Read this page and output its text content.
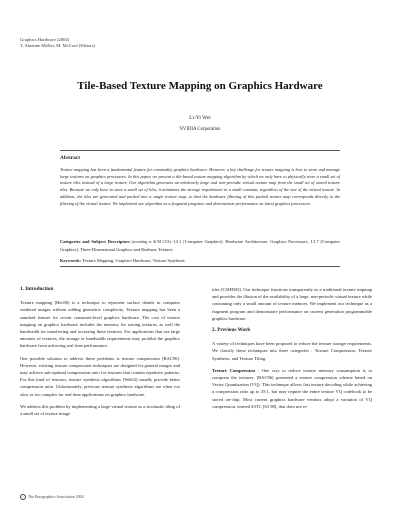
Graphics Hardware (2004)
T. Akenine-Möller, M. McCool (Editors)
Tile-Based Texture Mapping on Graphics Hardware
Li-Yi Wei
NVIDIA Corporation
Abstract
Texture mapping has been a fundamental feature for commodity graphics hardware. However, a key challenge for texture mapping is how to store and manage large textures on graphics processors. In this paper, we present a tile-based texture mapping algorithm by which we only have to physically store a small set of texture tiles instead of a large texture. Our algorithm generates an arbitrarily large and non-periodic virtual texture map from the small set of stored texture tiles. Because we only have to store a small set of tiles, it minimizes the storage requirement to a small constant, regardless of the size of the virtual texture. In addition, the tiles are generated and packed into a single texture map, so that the hardware filtering of this packed texture map corresponds directly to the filtering of the virtual texture. We implement our algorithm as a fragment program, and demonstrate performance on latest graphics processors.
Categories and Subject Descriptors (according to ACM CCS): I.3.1 [Computer Graphics]: Hardware Architecture: Graphics Processors, I.3.7 [Computer Graphics]: Three-Dimensional Graphics and Realism: Texture;
Keywords: Texture Mapping, Graphics Hardware, Texture Synthesis
1. Introduction

Texture mapping [Hec86] is a technique to represent surface details in computer rendered images without adding geometric complexity. Texture mapping has been a standard feature for recent consumer-level graphics hardware. The cost of texture mapping on graphics hardware includes the memory for storing textures, as well the bandwidth for transferring and accessing these textures. For applications that use large amounts of textures, the storage or bandwidth requirements may prohibit the graphics hardware from achieving real time performance.

One possible solution to address these problems is texture compression [BAC96]. However, existing texture compression techniques are designed for general images and may achieve sub-optimal compression ratio for textures that contain repetitive patterns. For this kind of textures, texture synthesis algorithms [Wei02] usually provide better compression ratio. Unfortunately, previous texture synthesis algorithms are often too slow or too complex for real time applications on graphics hardware.

We address this problem by implementing a large virtual texture as a stochastic tiling of a small set of texture image

tiles [CSHD03]. Our technique functions transparently as a traditional texture mipmap and provides the illusion of the availability of a large, non-periodic virtual texture while consuming only a small amount of texture memory. We implement our technique as a fragment program and demonstrate performance on current generation programmable graphics hardware.

2. Previous Work

A variety of techniques have been proposed to reduce the texture storage requirements. We classify these techniques into three categories : Texture Compression, Texture Synthesis, and Texture Tiling.

Texture Compression : One way to reduce texture memory consumption is to compress the textures. [BAC96] presented a texture compression scheme based on Vector Quantization (VQ). This technique allows fast texture decoding while achieving a compression ratio up to 35:1, but may require the entire texture VQ codebook to be stored on-chip. Most current graphics hardware vendors adopt a variation of VQ compression, termed S3TC [S3 98], that does not re-

c The Eurographics Association 2004.
